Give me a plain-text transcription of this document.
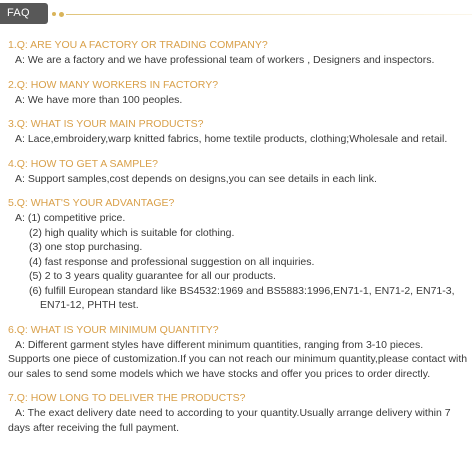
FAQ
1.Q: ARE YOU A FACTORY OR TRADING COMPANY?
A: We are a factory and we have professional team of workers , Designers and inspectors.
2.Q: HOW MANY WORKERS IN FACTORY?
A: We have more than 100 peoples.
3.Q: WHAT IS YOUR MAIN PRODUCTS?
A: Lace,embroidery,warp knitted fabrics, home textile products, clothing;Wholesale and retail.
4.Q: HOW TO GET A SAMPLE?
A: Support samples,cost depends on designs,you can see details in each link.
5.Q: WHAT'S YOUR ADVANTAGE?
A: (1) competitive price.
(2) high quality which is suitable for clothing.
(3) one stop purchasing.
(4) fast response and professional suggestion on all inquiries.
(5) 2 to 3 years quality guarantee for all our products.
(6) fulfill European standard like BS4532:1969 and BS5883:1996,EN71-1, EN71-2, EN71-3,
EN71-12, PHTH test.
6.Q: WHAT IS YOUR MINIMUM QUANTITY?
A: Different garment styles have different minimum quantities, ranging from 3-10 pieces. Supports one piece of customization.If you can not reach our minimum quantity,please contact with our sales to send some models which we have stocks and offer you prices to order directly.
7.Q: HOW LONG TO DELIVER THE PRODUCTS?
A: The exact delivery date need to according to your quantity.Usually arrange delivery within 7 days after receiving the full payment.
